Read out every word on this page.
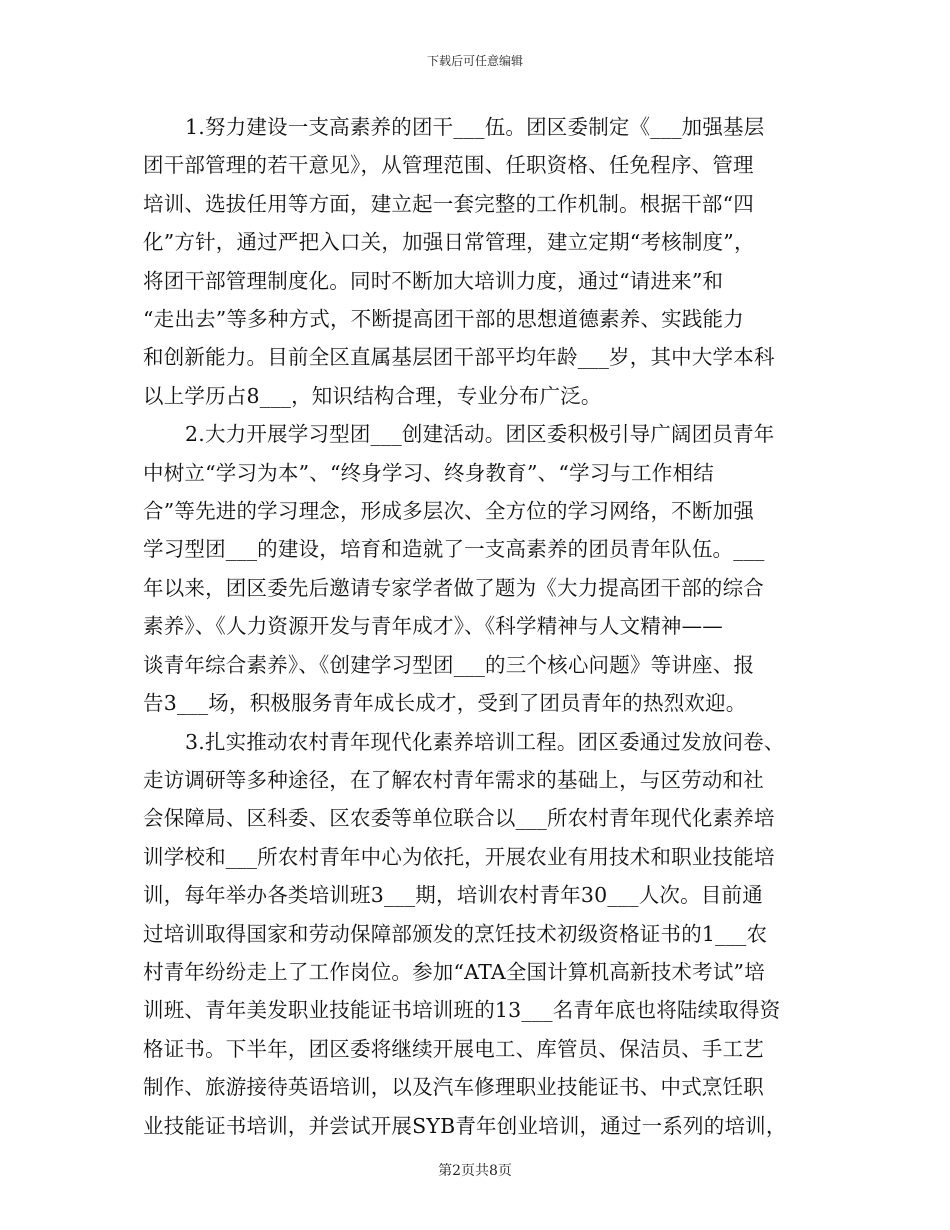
下载后可任意编辑

1.努力建设一支高素养的团干___伍。团区委制定《___加强基层
团干部管理的若干意见》，从管理范围、任职资格、任免程序、管理
培训、选拔任用等方面，建立起一套完整的工作机制。根据干部“四
化”方针，通过严把入口关，加强日常管理，建立定期“考核制度”，
将团干部管理制度化。同时不断加大培训力度，通过“请进来”和
“走出去”等多种方式，不断提高团干部的思想道德素养、实践能力
和创新能力。目前全区直属基层团干部平均年龄___岁，其中大学本科
以上学历占8___，知识结构合理，专业分布广泛。

2.大力开展学习型团___创建活动。团区委积极引导广阔团员青年
中树立“学习为本”、“终身学习、终身教育”、“学习与工作相结
合”等先进的学习理念，形成多层次、全方位的学习网络，不断加强
学习型团___的建设，培育和造就了一支高素养的团员青年队伍。___
年以来，团区委先后邀请专家学者做了题为《大力提高团干部的综合
素养》、《人力资源开发与青年成才》、《科学精神与人文精神——
谈青年综合素养》、《创建学习型团___的三个核心问题》等讲座、报
告3___场，积极服务青年成长成才，受到了团员青年的热烈欢迎。

3.扎实推动农村青年现代化素养培训工程。团区委通过发放问卷、
走访调研等多种途径，在了解农村青年需求的基础上，与区劳动和社
会保障局、区科委、区农委等单位联合以___所农村青年现代化素养培
训学校和___所农村青年中心为依托，开展农业有用技术和职业技能培
训，每年举办各类培训班3___期，培训农村青年30___人次。目前通
过培训取得国家和劳动保障部颁发的烹饪技术初级资格证书的1___农
村青年纷纷走上了工作岗位。参加“ATA全国计算机高新技术考试”培
训班、青年美发职业技能证书培训班的13___名青年底也将陆续取得资
格证书。下半年，团区委将继续开展电工、库管员、保洁员、手工艺
制作、旅游接待英语培训，以及汽车修理职业技能证书、中式烹饪职
业技能证书培训，并尝试开展SYB青年创业培训，通过一系列的培训，

第2页共8页
